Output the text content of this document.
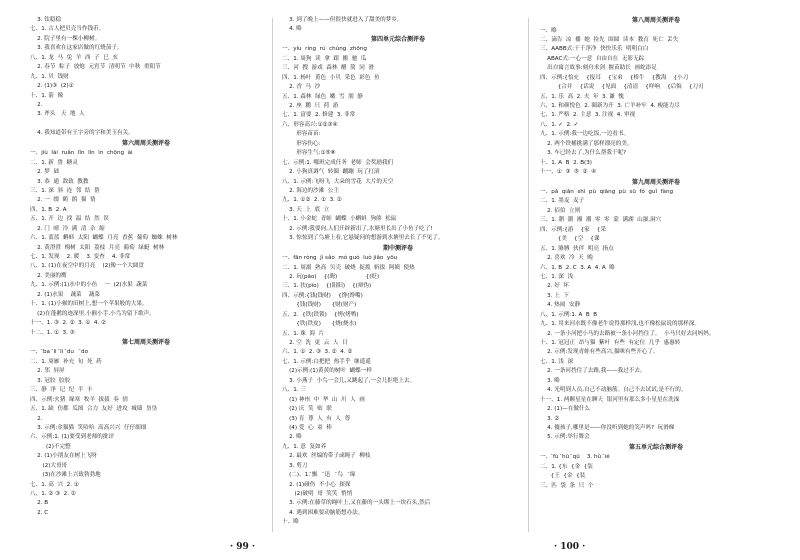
3. 钛稳稳
七、1. 古人把贝壳当作钱币。
2. 院子里有一棵小柳树。
3. 我喜欢在这家店做的红烧茄子。
八、1. 龙  马  兔  羊  西  子  巳  亥
2. 春节  粽子  放炮  元宵节  清明节  中秋  重阳节
九、1. 贝  钱财
2. (1)③  (2)①
十、1. 箭  像
2.
3. 斧头   天  地  人
4. 我知道带有王字旁的字和美玉有关。
第六周周关测评卷
一、jiù  lài  ruǎn  lǐn  lín  ìn  chōng  ài
二、1. 新  鲁  糖灵
2. 梦  础
3. 恭  通  敌致  教教
三、1. 深  斜  连  邻  结  帮
2. 一  缀  鹤  鹃  猫  情
四、1. B  2. A
五、1. 开  边  找  温  结  然  误
2. 门  晴  冷  满  清  杂  缩
六、1. 蓝蓝  蝌蚪  太阳  蝴蝶  月亮  香蕉  葡萄  蜘蛛  树林
2. 黄澄澄  梅树  太阳  荔枝  月亮  葡萄  绿蜓  树林
七、1. 发现    2. 暖    3. 变查    4. 非常
八、1. (1)在夜空中的月亮    (2)像一个大圆盘
2. 美丽的鹰
九、1. 示例:(1)水中的小鱼    一  (2)水果  蔬菜
2. (1)水果    蔬菜    蔬菜
十、1. (1)小猴的田树上,想一个苹果般的大果。
(2)在蓬鹅的迹深里,小猴小手,小鸟为留下歌声。
十一、1. ③  2. ②  3. ①  4. ②
十二、1. ①  3. ③
第七周周关测评卷
一、 ̄ba  ̄li  ̄li  ̄du    ̄do
二、1. 周雁  补充  旬  死  药
2. 邻  屏屏
3. 冠胶  胶胶
三、静  净  记  纪  半  丰
四、示例:火猪  缘寒  牧羊  拔拔  奏  情
五、1. 缺  仿都  瓜图  合力  友好  进攻  城墙  垦垦
2.
3. 示例:金猫猫  笑哈哈  高高兴兴  仔仔细细
六、示例:1. (1)要受到老师的批评
(2)不完整
2. (1)小朋友在树上飞呀
(2)大哥哥
(3)在沙滩上兴致勃勃地
七、1. 高  兴  2. ①
八、1. ② ③  2. ②
2. B
2. C
3. 到了晚上——但很快就进入了甜美的梦乡。
4. 略
第四单元综合测评卷
一、yíu  ríng  rú  chúng  zhōng
二、1. 周狗  读  拿  跟  搬  驰  瓜
三、河  搜  游戏  森林  醋  简  同  滑
四、1. 杨叶  黄色  小贝  采色  彩色  鱼
2. 香  马  沙
五、1. 森林  绿色  嫩  雪  朋  静
2. 座  鹏  只  荷  游
七、1. 富要  2. 修建  3. 非常
六、形容高兴:①②③④
形容苗苗:
形容伤心:
形容生气:①⑤⑧
七、示例:1. 哪班完成任务  老师  会奖励我们
2. 小狗真调气  转圈  蹦蹦  玩了打滚
八、1. 示例:飞呀飞  大朵的雪花  大片的天空
2. 海边的沙滩  公主
九、1. ①②  2. ①  3. ②
3. 天  上  底  立
十、1. 小金蛇  青蛙  蝴蝶  小蝌蚪  狗熊  松鼠
2. 示例:我要向,人们开辟新出了,水塘里长出了小鱼子吃了!
3. 惊惊到了鸟塘上看,它悬疑问的想游到水塘里去长了不见了。
期中测评卷
一、fān ròng  jì sǎo  mò guó  luò jiǎo  yōu
二、1. 周溺  熟高  贝壳  破烧  捉拨  斩拔  阿姨  使热
2. 玩(pāo)    {(晦)                {(贬)
三、1. 扶(pīo)    {(阳阳)    {(辩伪)
四、示例:{钱(钱财)    {馋(馋嘴)
{钱(钱财)      {财(财产)
五、2.  {铁(铁锁)    {烤(烤鸭)
{铁(铁皮)      {烧(烧水)
五、1. 珠  海  片
2. 空  洗  更  云  人  日
六、1. ①  2. ③  3. ②  4. ②
七、1. 示例:白把把  热手乎  继遥遥
(2)示例:(1)黄黄的树叶  蝴蝶一样
3. 小燕子  小鸟一会儿,又跳起了,一会儿拒绝上去。
八、1. 三
(1) 神州  中  华  山  川  人  画
(2) 庆  笑  贴  联
(3) 育  尊  人  有  人  尊
(4) 爱  心  童  棒
2. 略
九、1. 意  复如养
2. 最欢  丝编的带子或绳子  柳枝
3. 剪刀
(二)、1. ̄飘    ̄迅    ̄鸟    ̄缘
2. (1)碰伤  不小心  探探
(2)破明  哥  笑笑  悄悄
3. 示例:在藤草的绳叶上,又在藤的一头绑上一块石头,然后
4. 遇到困难要动脑筋想办法。
十、略
第八周周关测评卷
一、略
二、滴告  凉  播  她  捡先  围圆  读本  教育  死亡  丢失
三、AABB式:千千净净  快快乐乐  明明白白
ABAC式:一心一意  自由自在  无影无踪
出自寓言故事:刻舟求剑  揠苗助长  画蛇添足
四、示例:{恰充    {报耳    {宝弟    {桥牛    {教海    {小刀
{合并    {话说    {见面    {清清    {咩响    {后悔    {刀刃
五、1. 乐  高  2. 夫  年  3. 谦  愧
六、1. 和颜悦色  2. 圈新为开  3. 亡羊补牢  4. 瘦能力尽
七、1. 严格  2. 主意  3. 注视  4. 审视
八、1. ✓  2. ✓
九、1. 示例:我一边吃饭,一边看书。
2. 两个铁桶挑满了那样漂亮的美。
3. 车已经去了,为什么帮我干呢?
十、1. A  B  2. B(3)
十一、①  ③  ⑤  ②  ④
第九周周关测评卷
一、pǎ  qiǎn  shì  pù  qiāng  pù  sū  fó  guǐ  fàng
二、1. 墨麦  麦子
2. 佰伯  立则
三、1. 潮  潮  湘  潮  零  零  蒙  满湖  山瀑,洞穴
四、示例:{游    {家    {采
{美    {空    {课
五、1. 胳膊  伙伴  明亮  指点
2. 喜欢  冷  天  晚
六、1. B  2. C  3. A  4. A  略
七、1. 深  浅
2. 好  坏
3. 上  下
4. 热闹  安静
八、1. 示例:1. A  B  B
九、1. 用来河水既不像老牛说得那样浅,也不像松鼠说的那样深。
2. 一条小河把小马的去路被一条小河挡住了。  小马只好去问妈妈。
十、1. 冠冠正  昂与猫  紫叶  有些  有定位  几乎  惠惠转
2. 示例:发现青蛙有些高兴,猫咪有些开心了。
七、1. 浅  深
2. 一条河挡住了去路,我——我过不去。
3. 略
4. 光明到人员,自己不动脑筋。自己不去试试,是不行的。
十一、1. 两颗星星在聊天  银河里有那么多小星星在洗澡
2. (1)—在做什么
3. ②
4. 傻孩子,哪里是——你没听到她的笑声吗?  玩滑梯
5. 示例:举行舞会
第五单元综合测评卷
一、 ̄fù  ̄hū  ̄qū    3. hǔ  ̄ié
二、1. {东  {金  {装
{王  {金  {装
三、匹  袋  条  只  个
· 99 ·	· 100 ·
